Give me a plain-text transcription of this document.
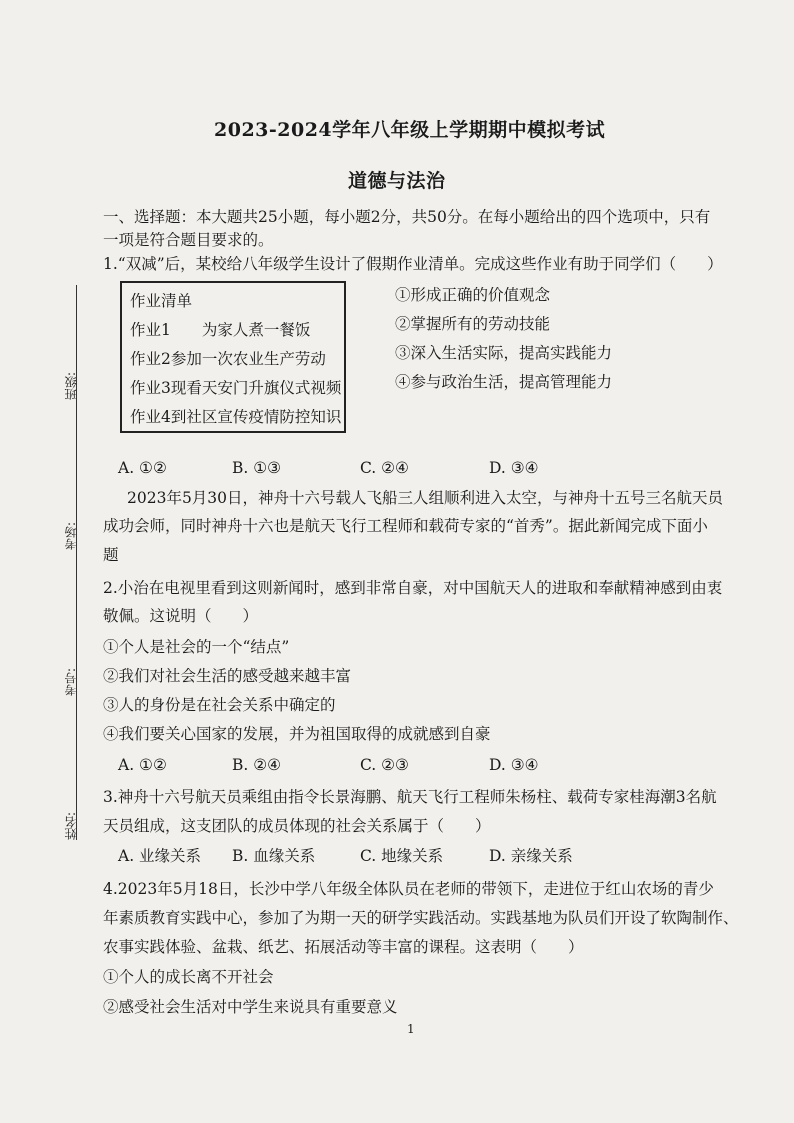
班级:
考场:
考号:
姓名:
2023-2024学年八年级上学期期中模拟考试
道德与法治
一、选择题：本大题共25小题，每小题2分，共50分。在每小题给出的四个选项中，只有
一项是符合题目要求的。
1.“双减”后，某校给八年级学生设计了假期作业清单。完成这些作业有助于同学们（　　）
作业清单
作业1　　为家人煮一餐饭
作业2参加一次农业生产劳动
作业3现看天安门升旗仪式视频
作业4到社区宣传疫情防控知识
①形成正确的价值观念
②掌握所有的劳动技能
③深入生活实际，提高实践能力
④参与政治生活，提高管理能力
A. ①②	B. ①③	C. ②④	D. ③④
2023年5月30日，神舟十六号载人飞船三人组顺利进入太空，与神舟十五号三名航天员
成功会师，同时神舟十六也是航天飞行工程师和载荷专家的“首秀”。据此新闻完成下面小
题
2.小治在电视里看到这则新闻时，感到非常自豪，对中国航天人的进取和奉献精神感到由衷
敬佩。这说明（　　）
①个人是社会的一个“结点”
②我们对社会生活的感受越来越丰富
③人的身份是在社会关系中确定的
④我们要关心国家的发展，并为祖国取得的成就感到自豪
A. ①②	B. ②④	C. ②③	D. ③④
3.神舟十六号航天员乘组由指令长景海鹏、航天飞行工程师朱杨柱、载荷专家桂海潮3名航
天员组成，这支团队的成员体现的社会关系属于（　　）
A. 业缘关系 B. 血缘关系	C. 地缘关系	D. 亲缘关系
4.2023年5月18日，长沙中学八年级全体队员在老师的带领下，走进位于红山农场的青少
年素质教育实践中心，参加了为期一天的研学实践活动。实践基地为队员们开设了软陶制作、
农事实践体验、盆栽、纸艺、拓展活动等丰富的课程。这表明（　　）
①个人的成长离不开社会
②感受社会生活对中学生来说具有重要意义
1
